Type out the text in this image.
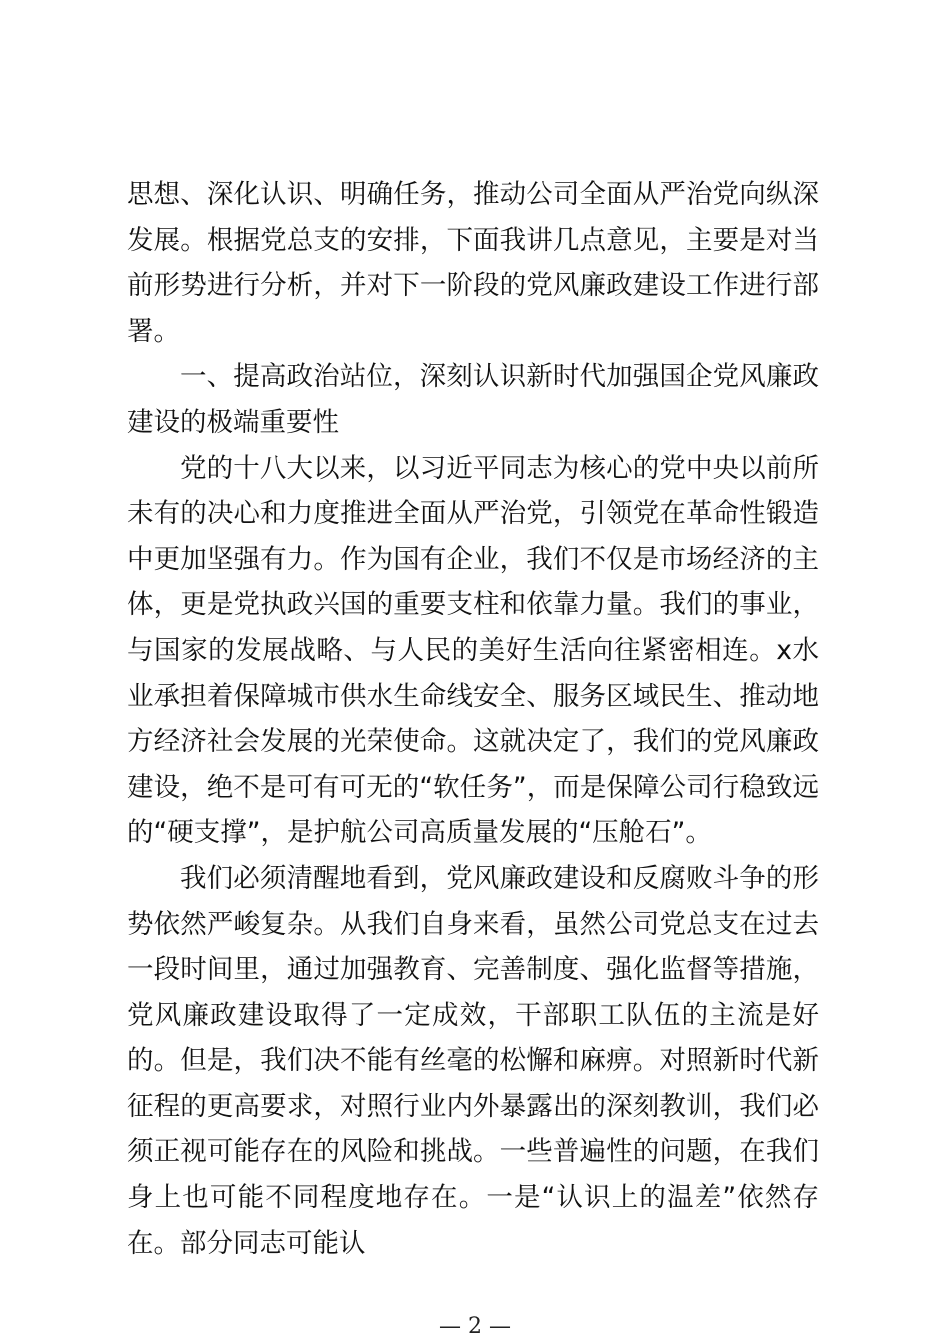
思想、深化认识、明确任务，推动公司全面从严治党向纵深发展。根据党总支的安排，下面我讲几点意见，主要是对当前形势进行分析，并对下一阶段的党风廉政建设工作进行部署。

一、提高政治站位，深刻认识新时代加强国企党风廉政建设的极端重要性

党的十八大以来，以习近平同志为核心的党中央以前所未有的决心和力度推进全面从严治党，引领党在革命性锻造中更加坚强有力。作为国有企业，我们不仅是市场经济的主体，更是党执政兴国的重要支柱和依靠力量。我们的事业，与国家的发展战略、与人民的美好生活向往紧密相连。x水业承担着保障城市供水生命线安全、服务区域民生、推动地方经济社会发展的光荣使命。这就决定了，我们的党风廉政建设，绝不是可有可无的“软任务”，而是保障公司行稳致远的“硬支撑”，是护航公司高质量发展的“压舱石”。

我们必须清醒地看到，党风廉政建设和反腐败斗争的形势依然严峻复杂。从我们自身来看，虽然公司党总支在过去一段时间里，通过加强教育、完善制度、强化监督等措施，党风廉政建设取得了一定成效，干部职工队伍的主流是好的。但是，我们决不能有丝毫的松懈和麻痹。对照新时代新征程的更高要求，对照行业内外暴露出的深刻教训，我们必须正视可能存在的风险和挑战。一些普遍性的问题，在我们身上也可能不同程度地存在。一是“认识上的温差”依然存在。部分同志可能认

— 2 —
